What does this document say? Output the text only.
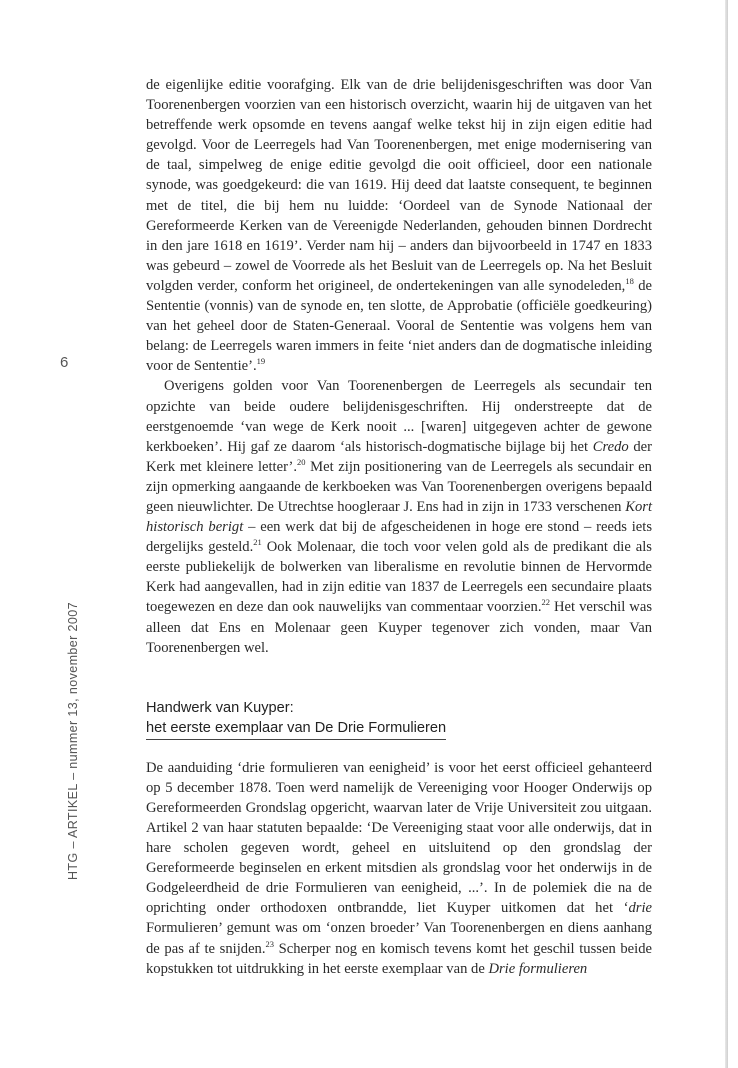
6
HTG – ARTIKEL – nummer 13, november 2007

de eigenlijke editie voorafging. Elk van de drie belijdenisgeschriften was door Van Toorenenbergen voorzien van een historisch overzicht, waarin hij de uitgaven van het betreffende werk opsomde en tevens aangaf welke tekst hij in zijn eigen editie had gevolgd. Voor de Leerregels had Van Toorenenbergen, met enige modernisering van de taal, simpelweg de enige editie gevolgd die ooit officieel, door een nationale synode, was goedgekeurd: die van 1619. Hij deed dat laatste consequent, te beginnen met de titel, die bij hem nu luidde: ‘Oordeel van de Synode Nationaal der Gereformeerde Kerken van de Vereenigde Nederlanden, gehouden binnen Dordrecht in den jare 1618 en 1619’. Verder nam hij – anders dan bijvoorbeeld in 1747 en 1833 was gebeurd – zowel de Voorrede als het Besluit van de Leerregels op. Na het Besluit volgden verder, conform het origineel, de ondertekeningen van alle synodeleden,$^{18}$ de Sententie (vonnis) van de synode en, ten slotte, de Approbatie (officiële goedkeuring) van het geheel door de Staten-Generaal. Vooral de Sententie was volgens hem van belang: de Leerregels waren immers in feite ‘niet anders dan de dogmatische inleiding voor de Sententie’.$^{19}$

Overigens golden voor Van Toorenenbergen de Leerregels als secundair ten opzichte van beide oudere belijdenisgeschriften. Hij onderstreepte dat de eerstgenoemde ‘van wege de Kerk nooit ... [waren] uitgegeven achter de gewone kerkboeken’. Hij gaf ze daarom ‘als historisch-dogmatische bijlage bij het Credo der Kerk met kleinere letter’.$^{20}$ Met zijn positionering van de Leerregels als secundair en zijn opmerking aangaande de kerkboeken was Van Toorenenbergen overigens bepaald geen nieuwlichter. De Utrechtse hoogleraar J. Ens had in zijn in 1733 verschenen Kort historisch berigt – een werk dat bij de afgescheidenen in hoge ere stond – reeds iets dergelijks gesteld.$^{21}$ Ook Molenaar, die toch voor velen gold als de predikant die als eerste publiekelijk de bolwerken van liberalisme en revolutie binnen de Hervormde Kerk had aangevallen, had in zijn editie van 1837 de Leerregels een secundaire plaats toegewezen en deze dan ook nauwelijks van commentaar voorzien.$^{22}$ Het verschil was alleen dat Ens en Molenaar geen Kuyper tegenover zich vonden, maar Van Toorenenbergen wel.

Handwerk van Kuyper:
het eerste exemplaar van De Drie Formulieren

De aanduiding ‘drie formulieren van eenigheid’ is voor het eerst officieel gehanteerd op 5 december 1878. Toen werd namelijk de Vereeniging voor Hooger Onderwijs op Gereformeerden Grondslag opgericht, waarvan later de Vrije Universiteit zou uitgaan. Artikel 2 van haar statuten bepaalde: ‘De Vereeniging staat voor alle onderwijs, dat in hare scholen gegeven wordt, geheel en uitsluitend op den grondslag der Gereformeerde beginselen en erkent mitsdien als grondslag voor het onderwijs in de Godgeleerdheid de drie Formulieren van eenigheid, ...’. In de polemiek die na de oprichting onder orthodoxen ontbrandde, liet Kuyper uitkomen dat het ‘drie Formulieren’ gemunt was om ‘onzen broeder’ Van Toorenenbergen en diens aanhang de pas af te snijden.$^{23}$ Scherper nog en komisch tevens komt het geschil tussen beide kopstukken tot uitdrukking in het eerste exemplaar van de Drie formulieren
